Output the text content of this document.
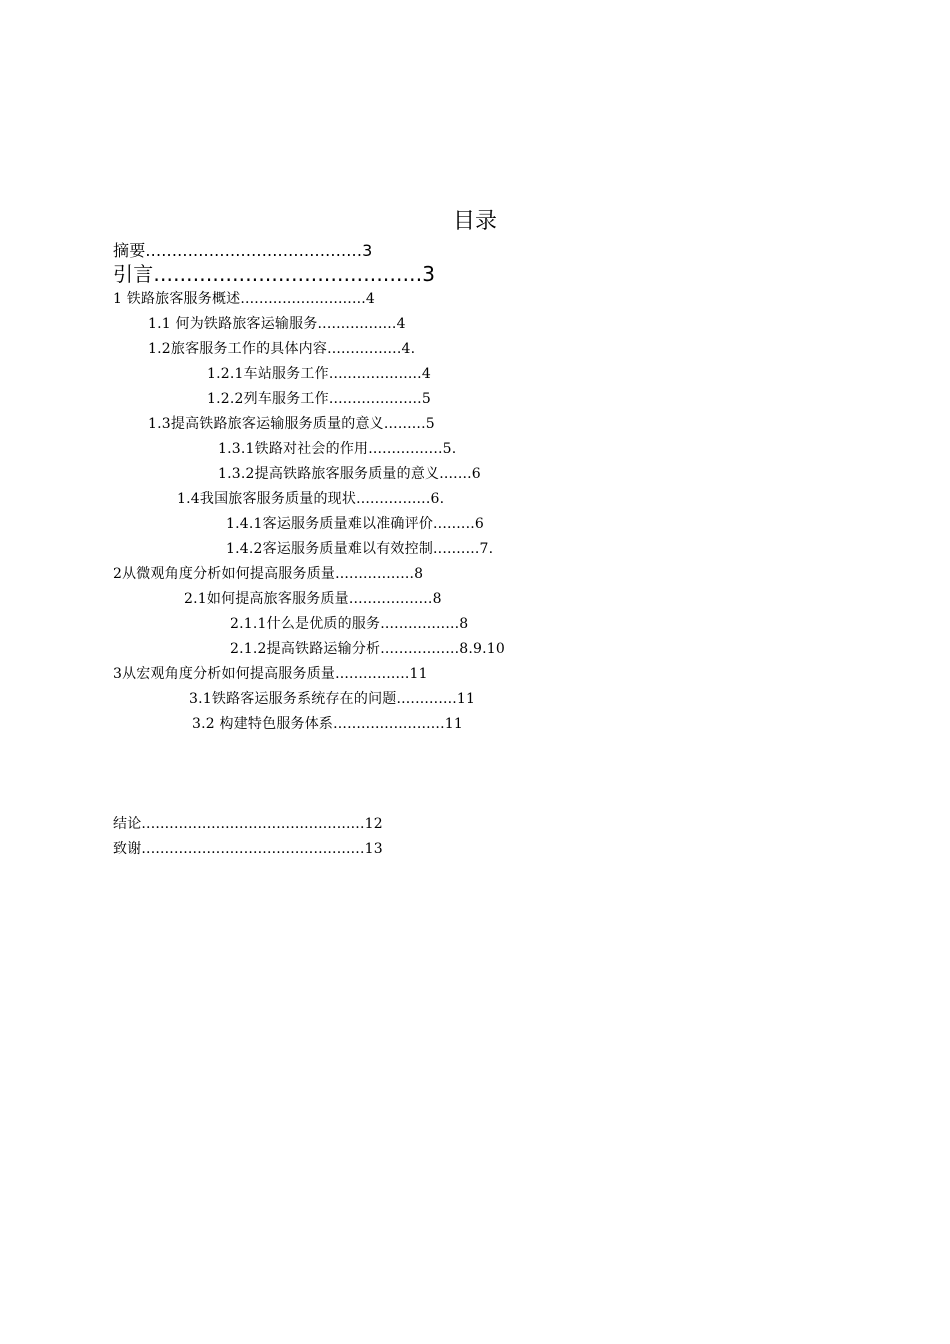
目录
摘要.........................................3
引言.........................................3
1 铁路旅客服务概述...........................4
1.1 何为铁路旅客运输服务.................4
1.2旅客服务工作的具体内容................4.
1.2.1车站服务工作....................4
1.2.2列车服务工作....................5
1.3提高铁路旅客运输服务质量的意义.........5
1.3.1铁路对社会的作用................5.
1.3.2提高铁路旅客服务质量的意义.......6
1.4我国旅客服务质量的现状................6.
1.4.1客运服务质量难以准确评价.........6
1.4.2客运服务质量难以有效控制..........7.
2从微观角度分析如何提高服务质量.................8
2.1如何提高旅客服务质量..................8
2.1.1什么是优质的服务.................8
2.1.2提高铁路运输分析.................8.9.10
3从宏观角度分析如何提高服务质量................11
3.1铁路客运服务系统存在的问题.............11
3.2 构建特色服务体系........................11
结论................................................12
致谢................................................13
